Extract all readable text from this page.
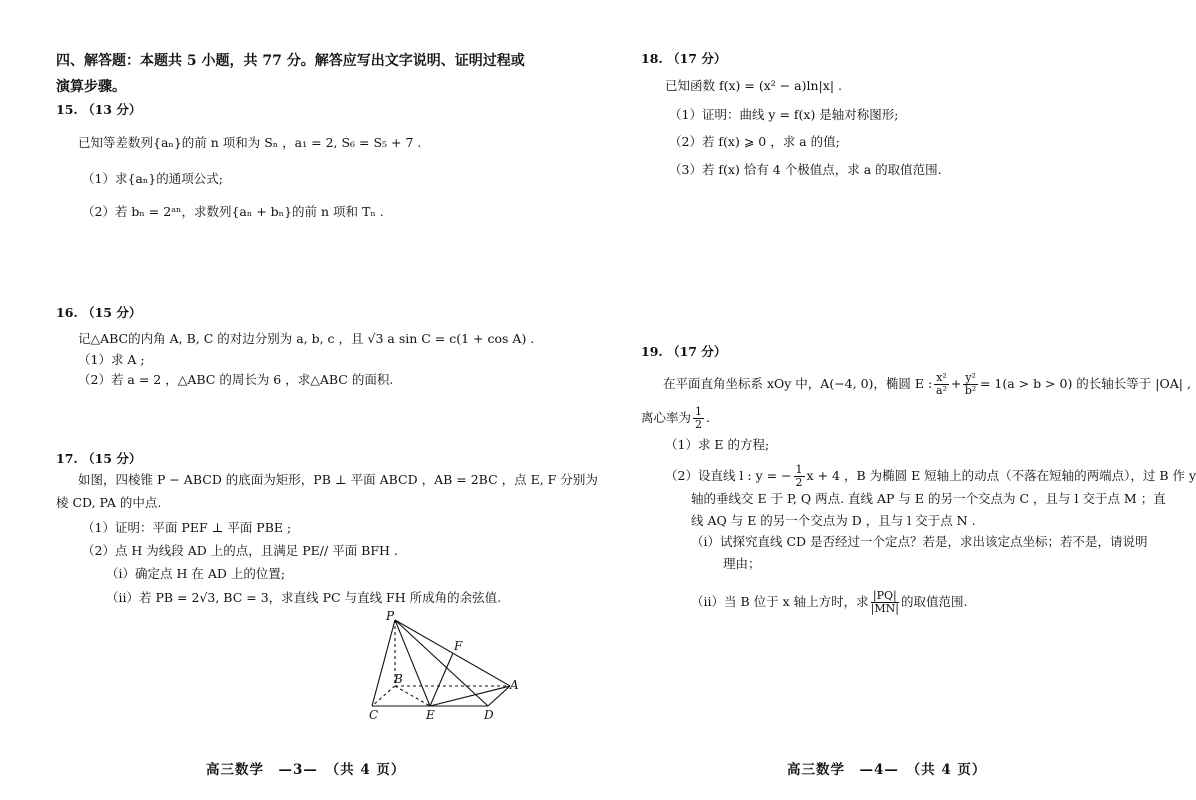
四、解答题：本题共 5 小题，共 77 分。解答应写出文字说明、证明过程或演算步骤。
15. （13 分）
已知等差数列{aₙ}的前 n 项和为 Sₙ ，a₁ = 2, S₆ = S₅ + 7 .
（1）求{aₙ}的通项公式;
（2）若 bₙ = 2ᵃⁿ，求数列{aₙ + bₙ}的前 n 项和 Tₙ .
16. （15 分）
记△ABC的内角 A, B, C 的对边分别为 a, b, c ，且 √3 a sin C = c(1 + cos A) .
（1）求 A ;
（2）若 a = 2 ，△ABC 的周长为 6 ，求△ABC 的面积.
17. （15 分）
如图，四棱锥 P − ABCD 的底面为矩形，PB ⊥ 平面 ABCD ，AB = 2BC ，点 E, F 分别为
棱 CD, PA 的中点.
（1）证明：平面 PEF ⊥ 平面 PBE ;
（2）点 H 为线段 AD 上的点，且满足 PE// 平面 BFH .
（ⅰ）确定点 H 在 AD 上的位置;
（ⅱ）若 PB = 2√3, BC = 3，求直线 PC 与直线 FH 所成角的余弦值.
P
F
B	A
C	E	D
高三数学　—3—　（共 4 页）
18. （17 分）
已知函数 f(x) = (x² − a)ln|x| .
（1）证明：曲线 y = f(x) 是轴对称图形;
（2）若 f(x) ⩾ 0 ，求 a 的值;
（3）若 f(x) 恰有 4 个极值点，求 a 的取值范围.
19. （17 分）
在平面直角坐标系 xOy 中，A(−4, 0)，椭圆 E : $\frac{\text{x²}}{\text{a²}} + \frac{\text{y²}}{\text{b²}} = 1(a > b > 0)$ 的长轴长等于 |OA| ,
离心率为 $\frac{1}{2}$ .
（1）求 E 的方程;
（2）设直线 l : y = − $\frac{1}{2}$ x + 4 ，B 为椭圆 E 短轴上的动点（不落在短轴的两端点），过 B 作 y
轴的垂线交 E 于 P, Q 两点. 直线 AP 与 E 的另一个交点为 C ，且与 l 交于点 M ；直
线 AQ 与 E 的另一个交点为 D ，且与 l 交于点 N .
（ⅰ）试探究直线 CD 是否经过一个定点？若是，求出该定点坐标；若不是，请说明
理由；
（ⅱ）当 B 位于 x 轴上方时，求 $\frac{|PQ|}{|MN|}$ 的取值范围.
高三数学　—4—　（共 4 页）
